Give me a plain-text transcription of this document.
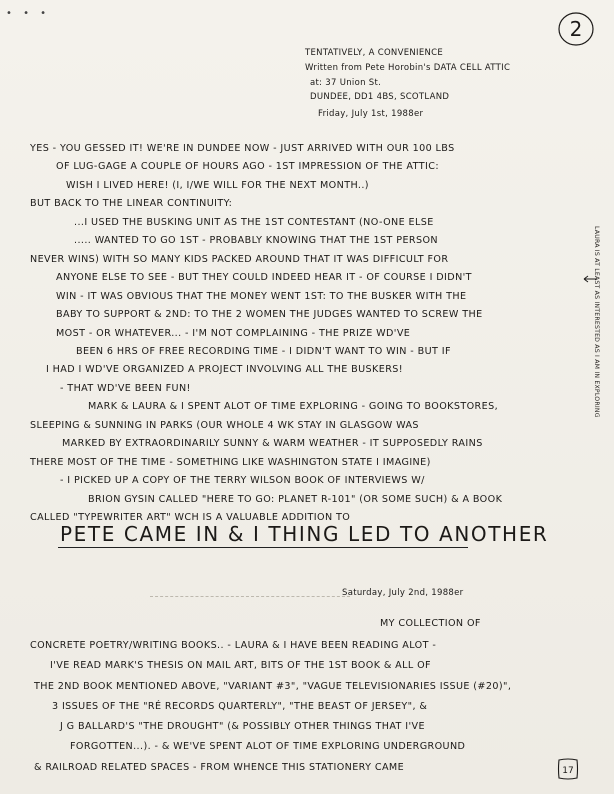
• • •
2
TENTATIVELY, A CONVENIENCE
Written from Pete Horobin's DATA CELL ATTIC
at: 37 Union St.
DUNDEE, DD1 4BS, SCOTLAND
Friday, July 1st, 1988er
YES - YOU GESSED IT! WE'RE IN DUNDEE NOW - JUST ARRIVED WITH OUR 100 LBS
OF LUG-GAGE A COUPLE OF HOURS AGO - 1ST IMPRESSION OF THE ATTIC:
WISH I LIVED HERE! (I, I/WE WILL FOR THE NEXT MONTH..)
BUT BACK TO THE LINEAR CONTINUITY:
...I USED THE BUSKING UNIT AS THE 1ST CONTESTANT (NO-ONE ELSE
..... WANTED TO GO 1ST - PROBABLY KNOWING THAT THE 1ST PERSON
NEVER WINS) WITH SO MANY KIDS PACKED AROUND THAT IT WAS DIFFICULT FOR
ANYONE ELSE TO SEE - BUT THEY COULD INDEED HEAR IT - OF COURSE I DIDN'T
WIN - IT WAS OBVIOUS THAT THE MONEY WENT 1ST: TO THE BUSKER WITH THE
BABY TO SUPPORT & 2ND: TO THE 2 WOMEN THE JUDGES WANTED TO SCREW THE
MOST - OR WHATEVER... - I'M NOT COMPLAINING - THE PRIZE WD'VE
BEEN 6 HRS OF FREE RECORDING TIME - I DIDN'T WANT TO WIN - BUT IF
I HAD I WD'VE ORGANIZED A PROJECT INVOLVING ALL THE BUSKERS!
- THAT WD'VE BEEN FUN!
MARK & LAURA & I SPENT ALOT OF TIME EXPLORING - GOING TO BOOKSTORES,
SLEEPING & SUNNING IN PARKS (OUR WHOLE 4 WK STAY IN GLASGOW WAS
MARKED BY EXTRAORDINARILY SUNNY & WARM WEATHER - IT SUPPOSEDLY RAINS
THERE MOST OF THE TIME - SOMETHING LIKE WASHINGTON STATE I IMAGINE)
- I PICKED UP A COPY OF THE TERRY WILSON BOOK OF INTERVIEWS W/
BRION GYSIN CALLED "HERE TO GO: PLANET R-101" (OR SOME SUCH) & A BOOK
CALLED "TYPEWRITER ART" WCH IS A VALUABLE ADDITION TO
PETE CAME IN & I THING LED TO ANOTHER
Saturday, July 2nd, 1988er
MY COLLECTION OF
CONCRETE POETRY/WRITING BOOKS.. - LAURA & I HAVE BEEN READING ALOT -
I'VE READ MARK'S THESIS ON MAIL ART, BITS OF THE 1ST BOOK & ALL OF
THE 2ND BOOK MENTIONED ABOVE, "VARIANT #3", "VAGUE TELEVISIONARIES ISSUE (#20)",
3 ISSUES OF THE "RÉ RECORDS QUARTERLY", "THE BEAST OF JERSEY", &
J G BALLARD'S "THE DROUGHT" (& POSSIBLY OTHER THINGS THAT I'VE
FORGOTTEN...). - & WE'VE SPENT ALOT OF TIME EXPLORING UNDERGROUND
& RAILROAD RELATED SPACES - FROM WHENCE THIS STATIONERY CAME
LAURA IS AT LEAST AS INTERESTED AS I AM IN EXPLORING
17
